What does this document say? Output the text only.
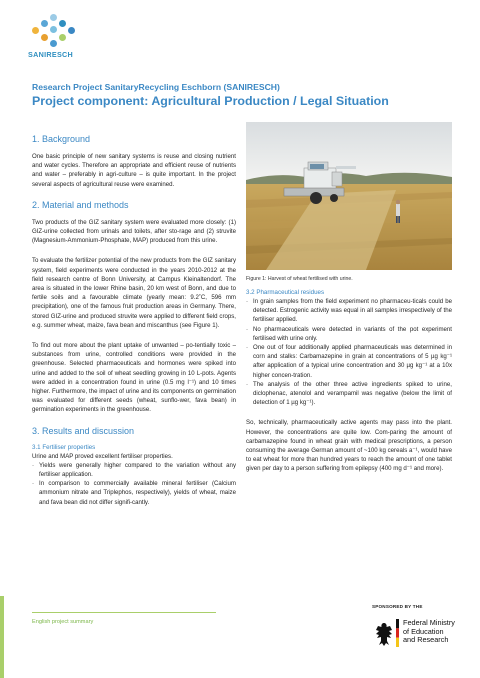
SANIRESCH
Research Project SanitaryRecycling Eschborn (SANIRESCH)
Project component: Agricultural Production / Legal Situation
1. Background

One basic principle of new sanitary systems is reuse and closing nutrient and water cycles. Therefore an appropriate and efficient reuse of nutrients and water – preferably in agri-culture – is quite important. In the project several aspects of agricultural reuse were examined.

2. Material and methods

Two products of the GIZ sanitary system were evaluated more closely: (1) GIZ-urine collected from urinals and toilets, after sto-rage and (2) struvite (Magnesium-Ammonium-Phosphate, MAP) produced from this urine.

To evaluate the fertilizer potential of the new products from the GIZ sanitary system, field experiments were conducted in the years 2010-2012 at the field research centre of Bonn University, at Campus Kleinaltendorf. The area is situated in the lower Rhine basin, 20 km west of Bonn, and due to fertile soils and a favourable climate (yearly mean: 9.2˚C, 596 mm precipitation), one of the famous fruit production areas in Germany. There, stored GIZ-urine and produced struvite were applied to different field crops, e.g. summer wheat, maize, fava bean and miscanthus (see Figure 1).

To find out more about the plant uptake of unwanted – po-tentially toxic – substances from urine, controlled conditions were provided in the greenhouse. Selected pharmaceuticals and hormones were spiked into urine and added to the soil of wheat seedling growing in 10 L-pots. Agents were added in a concentration found in urine (0.5 mg l⁻¹) and 10 times higher. Furthermore, the impact of urine and its components on germination was evaluated for different seeds (wheat, sunflo-wer, fava bean) in germination experiments in the greenhouse.

3. Results and discussion
3.1 Fertiliser properties

Urine and MAP proved excellent fertiliser properties.

· Yields were generally higher compared to the variation without any fertiliser application.
· In comparison to commercially available mineral fertiliser (Calcium ammonium nitrate and Triplephos, respectively), yields of wheat, maize and fava bean did not differ signifi-cantly.
Figure 1: Harvest of wheat fertilised with urine.
3.2 Pharmaceutical residues
· In grain samples from the field experiment no pharmaceu-ticals could be detected. Estrogenic activity was equal in all samples irrespectively of the fertiliser applied.
· No pharmaceuticals were detected in variants of the pot experiment fertilised with urine only.
· One out of four additionally applied pharmaceuticals was determined in corn and stalks: Carbamazepine in grain at concentrations of 5 µg kg⁻¹ after application of a typical urine concentration and 30 µg kg⁻¹ at a 10x higher concen-tration.
· The analysis of the other three active ingredients spiked to urine, diclophenac, atenolol and verampamil was negative (below the limit of detection of 1 µg kg⁻¹).

So, technically, pharmaceutically active agents may pass into the plant. However, the concentrations are quite low. Com-paring the amount of carbamazepine found in wheat grain with medical prescriptions, a person consuming the average German amount of ~100 kg cereals a⁻¹, would have to eat wheat for more than hundred years to reach the amount of one tablet given per day to a person suffering from epilepsy (400 mg d⁻¹ and more).

English project summary
SPONSORED BY THE
Federal Ministry
of Education
and Research
